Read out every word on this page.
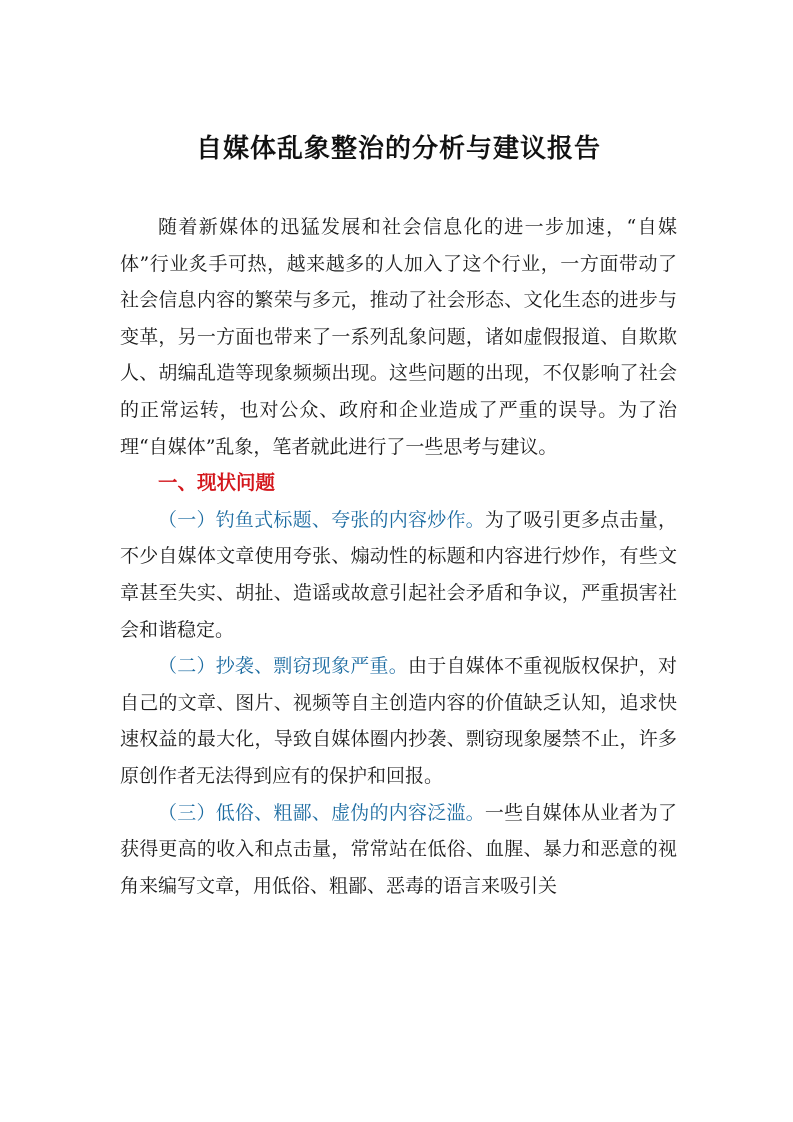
自媒体乱象整治的分析与建议报告

随着新媒体的迅猛发展和社会信息化的进一步加速，“自媒体”行业炙手可热，越来越多的人加入了这个行业，一方面带动了社会信息内容的繁荣与多元，推动了社会形态、文化生态的进步与变革，另一方面也带来了一系列乱象问题，诸如虚假报道、自欺欺人、胡编乱造等现象频频出现。这些问题的出现，不仅影响了社会的正常运转，也对公众、政府和企业造成了严重的误导。为了治理“自媒体”乱象，笔者就此进行了一些思考与建议。

一、现状问题

（一）钓鱼式标题、夸张的内容炒作。为了吸引更多点击量，不少自媒体文章使用夸张、煽动性的标题和内容进行炒作，有些文章甚至失实、胡扯、造谣或故意引起社会矛盾和争议，严重损害社会和谐稳定。

（二）抄袭、剽窃现象严重。由于自媒体不重视版权保护，对自己的文章、图片、视频等自主创造内容的价值缺乏认知，追求快速权益的最大化，导致自媒体圈内抄袭、剽窃现象屡禁不止，许多原创作者无法得到应有的保护和回报。

（三）低俗、粗鄙、虚伪的内容泛滥。一些自媒体从业者为了获得更高的收入和点击量，常常站在低俗、血腥、暴力和恶意的视角来编写文章，用低俗、粗鄙、恶毒的语言来吸引关
